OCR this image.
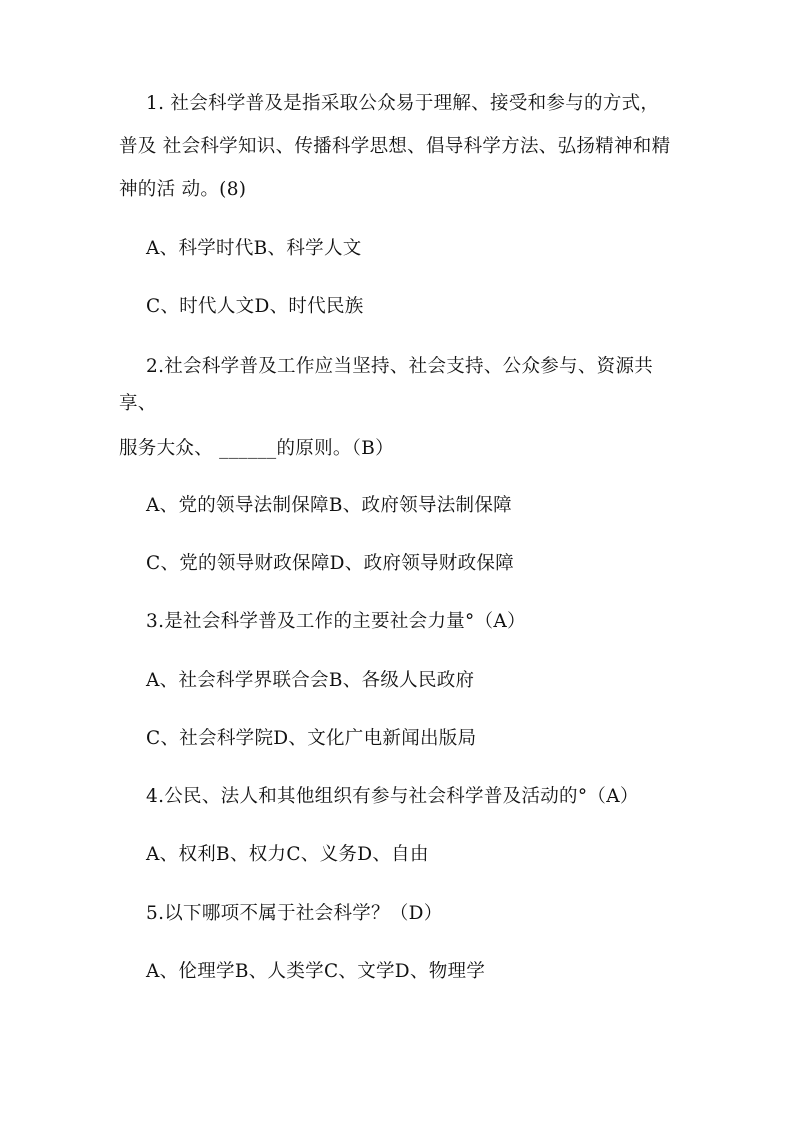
1. 社会科学普及是指采取公众易于理解、接受和参与的方式，
普及 社会科学知识、传播科学思想、倡导科学方法、弘扬精神和精
神的活 动。(8)
A、科学时代B、科学人文
C、时代人文D、时代民族
2.社会科学普及工作应当坚持、社会支持、公众参与、资源共
享、
服务大众、 ______的原则。（B）
A、党的领导法制保障B、政府领导法制保障
C、党的领导财政保障D、政府领导财政保障
3.是社会科学普及工作的主要社会力量°（A）
A、社会科学界联合会B、各级人民政府
C、社会科学院D、文化广电新闻出版局
4.公民、法人和其他组织有参与社会科学普及活动的°（A）
A、权利B、权力C、义务D、自由
5.以下哪项不属于社会科学？（D）
A、伦理学B、人类学C、文学D、物理学
